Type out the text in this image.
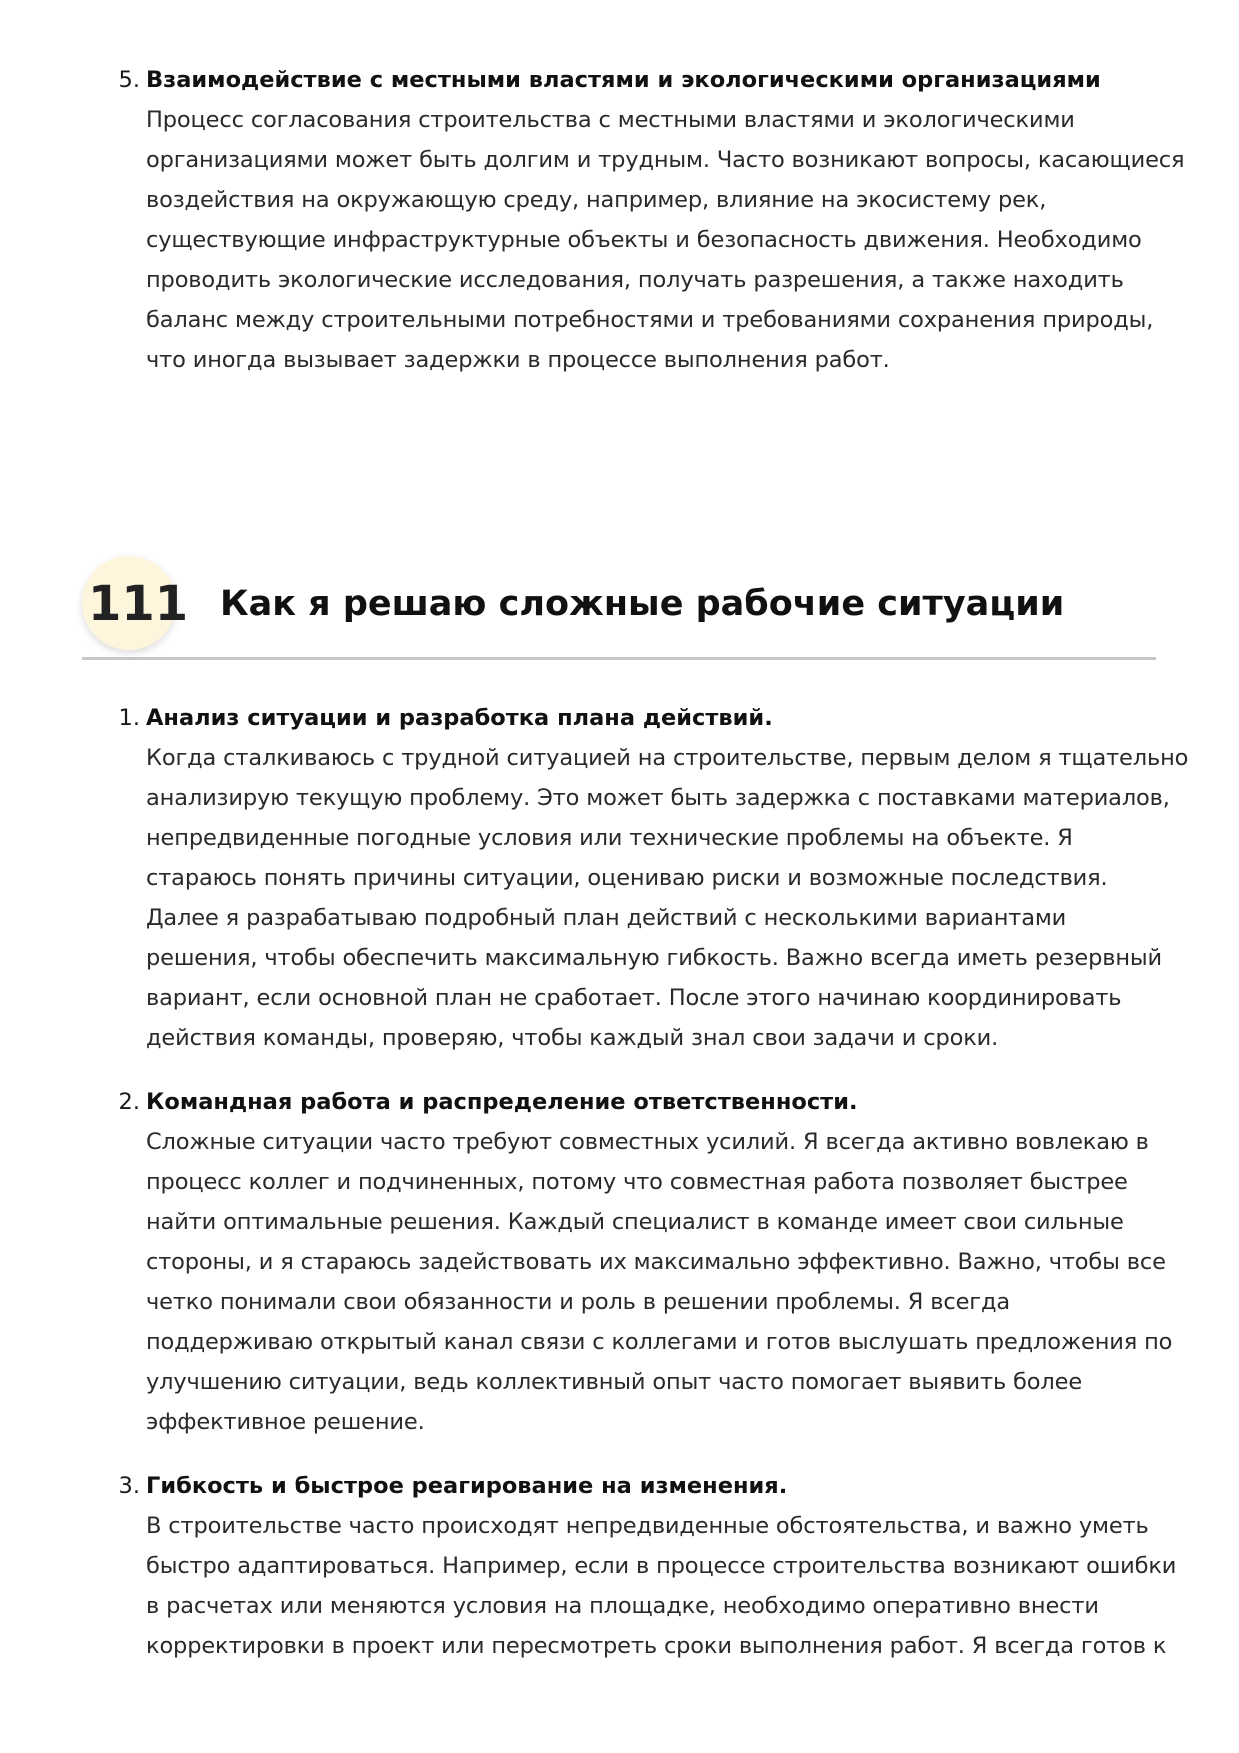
5. Взаимодействие с местными властями и экологическими организациями
Процесс согласования строительства с местными властями и экологическими
организациями может быть долгим и трудным. Часто возникают вопросы, касающиеся
воздействия на окружающую среду, например, влияние на экосистему рек,
существующие инфраструктурные объекты и безопасность движения. Необходимо
проводить экологические исследования, получать разрешения, а также находить
баланс между строительными потребностями и требованиями сохранения природы,
что иногда вызывает задержки в процессе выполнения работ.
111 Как я решаю сложные рабочие ситуации
1. Анализ ситуации и разработка плана действий.
Когда сталкиваюсь с трудной ситуацией на строительстве, первым делом я тщательно
анализирую текущую проблему. Это может быть задержка с поставками материалов,
непредвиденные погодные условия или технические проблемы на объекте. Я
стараюсь понять причины ситуации, оцениваю риски и возможные последствия.
Далее я разрабатываю подробный план действий с несколькими вариантами
решения, чтобы обеспечить максимальную гибкость. Важно всегда иметь резервный
вариант, если основной план не сработает. После этого начинаю координировать
действия команды, проверяю, чтобы каждый знал свои задачи и сроки.
2. Командная работа и распределение ответственности.
Сложные ситуации часто требуют совместных усилий. Я всегда активно вовлекаю в
процесс коллег и подчиненных, потому что совместная работа позволяет быстрее
найти оптимальные решения. Каждый специалист в команде имеет свои сильные
стороны, и я стараюсь задействовать их максимально эффективно. Важно, чтобы все
четко понимали свои обязанности и роль в решении проблемы. Я всегда
поддерживаю открытый канал связи с коллегами и готов выслушать предложения по
улучшению ситуации, ведь коллективный опыт часто помогает выявить более
эффективное решение.
3. Гибкость и быстрое реагирование на изменения.
В строительстве часто происходят непредвиденные обстоятельства, и важно уметь
быстро адаптироваться. Например, если в процессе строительства возникают ошибки
в расчетах или меняются условия на площадке, необходимо оперативно внести
корректировки в проект или пересмотреть сроки выполнения работ. Я всегда готов к
